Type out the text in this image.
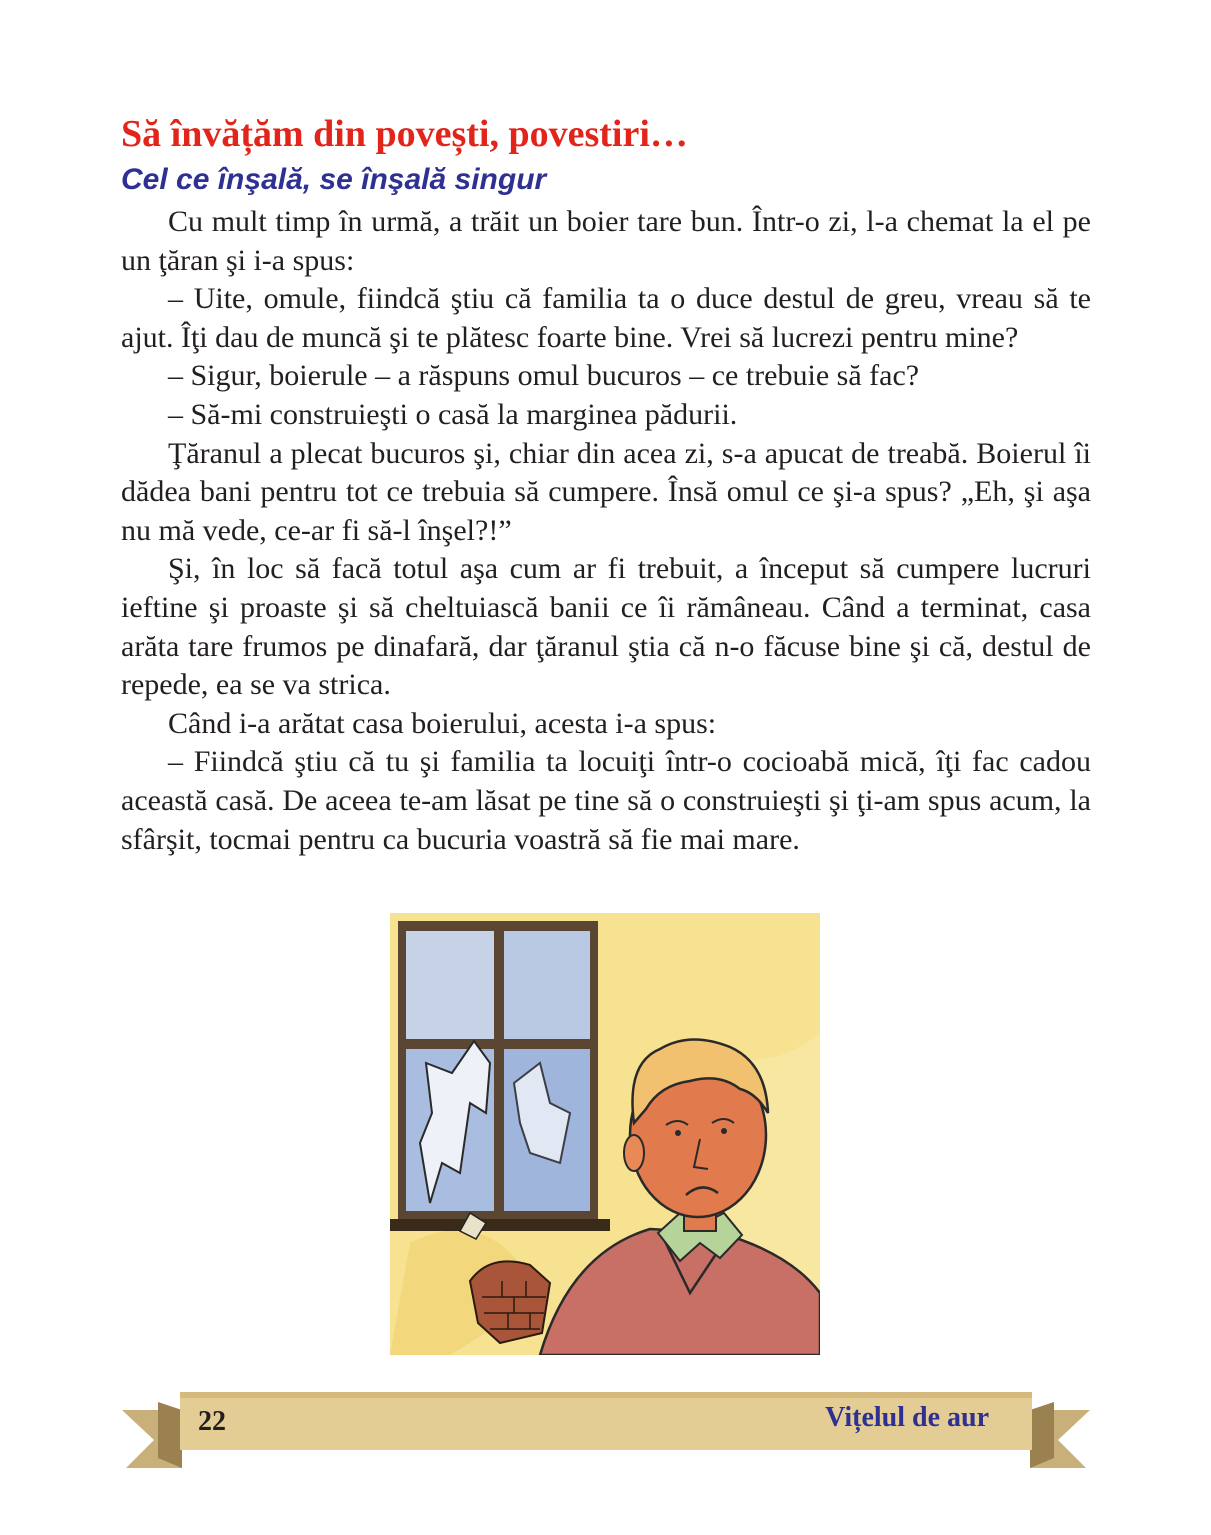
Să învățăm din povești, povestiri…
Cel ce înşală, se înşală singur

Cu mult timp în urmă, a trăit un boier tare bun. Într-o zi, l-a chemat la el pe un ţăran şi i-a spus:

– Uite, omule, fiindcă ştiu că familia ta o duce destul de greu, vreau să te ajut. Îţi dau de muncă şi te plătesc foarte bine. Vrei să lucrezi pentru mine?

– Sigur, boierule – a răspuns omul bucuros – ce trebuie să fac?

– Să-mi construieşti o casă la marginea pădurii.

Ţăranul a plecat bucuros şi, chiar din acea zi, s-a apucat de treabă. Boierul îi dădea bani pentru tot ce trebuia să cumpere. Însă omul ce şi-a spus? „Eh, şi aşa nu mă vede, ce-ar fi să-l înşel?!”

Şi, în loc să facă totul aşa cum ar fi trebuit, a început să cumpere lucruri ieftine şi proaste şi să cheltuiască banii ce îi rămâneau. Când a terminat, casa arăta tare frumos pe dinafară, dar ţăranul ştia că n-o făcuse bine şi că, destul de repede, ea se va strica.

Când i-a arătat casa boierului, acesta i-a spus:

– Fiindcă ştiu că tu şi familia ta locuiţi într-o cocioabă mică, îţi fac cadou această casă. De aceea te-am lăsat pe tine să o construieşti şi ţi-am spus acum, la sfârşit, tocmai pentru ca bucuria voastră să fie mai mare.

22	Vițelul de aur
